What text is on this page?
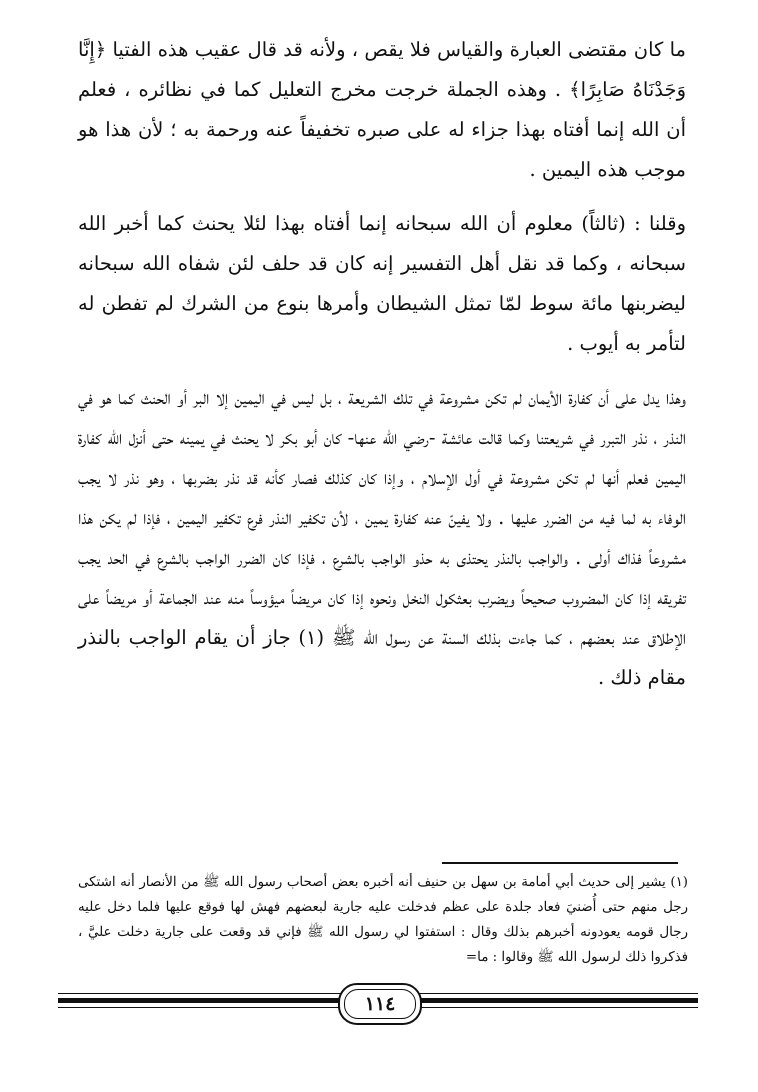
ما كان مقتضى العبارة والقياس فلا يقص ، ولأنه قد قال عقيب هذه الفتيا ﴿إِنَّا وَجَدْنَاهُ صَابِرًا﴾ . وهذه الجملة خرجت مخرج التعليل كما في نظائره ، فعلم أن الله إنما أفتاه بهذا جزاء له على صبره تخفيفاً عنه ورحمة به ؛ لأن هذا هو موجب هذه اليمين .

وقلنا : (ثالثاً) معلوم أن الله سبحانه إنما أفتاه بهذا لئلا يحنث كما أخبر الله سبحانه ، وكما قد نقل أهل التفسير إنه كان قد حلف لئن شفاه الله سبحانه ليضربنها مائة سوط لمّا تمثل الشيطان وأمرها بنوع من الشرك لم تفطن له لتأمر به أيوب .

وهذا يدل على أن كفارة الأيمان لم تكن مشروعة في تلك الشريعة ، بل ليس في اليمين إلا البر أو الحنث كما هو في النذر ، نذر التبرر في شريعتنا وكما قالت عائشة -رضي الله عنها- كان أبو بكر لا يحنث في يمينه حتى أنزل الله كفارة اليمين فعلم أنها لم تكن مشروعة في أول الإسلام ، وإذا كان كذلك فصار كأنه قد نذر بضربها ، وهو نذر لا يجب الوفاء به لما فيه من الضرر عليها . ولا يفينّ عنه كفارة يمين ، لأن تكفير النذر فرع تكفير اليمين ، فإذا لم يكن هذا مشروعاً فذاك أولى . والواجب بالنذر يحتذى به حذو الواجب بالشرع ، فإذا كان الضرر الواجب بالشرع في الحد يجب تفريقه إذا كان المضروب صحيحاً ويضرب بعثكول النخل ونحوه إذا كان مريضاً ميؤوساً منه عند الجماعة أو مريضاً على الإطلاق عند بعضهم ، كما جاءت بذلك السنة عن رسول الله ﷺ (١) جاز أن يقام الواجب بالنذر مقام ذلك .

(١) يشير إلى حديث أبي أمامة بن سهل بن حنيف أنه أخبره بعض أصحاب رسول الله ﷺ من الأنصار أنه اشتكى رجل منهم حتى أُضنيَ فعاد جلدة على عظم فدخلت عليه جارية لبعضهم فهش لها فوقع عليها فلما دخل عليه رجال قومه يعودونه أخبرهم بذلك وقال : استفتوا لي رسول الله ﷺ فإني قد وقعت على جارية دخلت عليَّ ، فذكروا ذلك لرسول الله ﷺ وقالوا : ما=

١١٤
